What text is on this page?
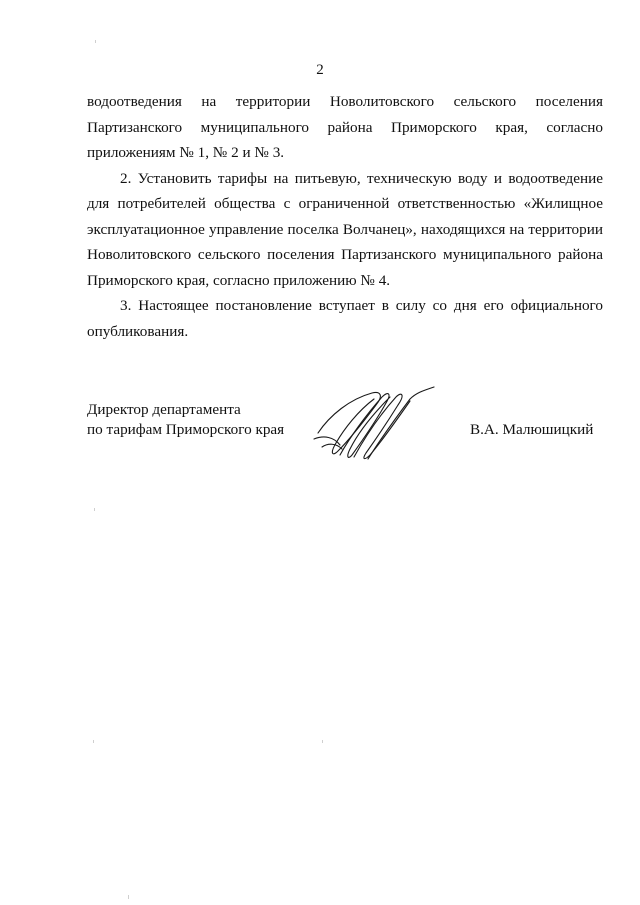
2
водоотведения на территории Новолитовского сельского поселения
Партизанского муниципального района Приморского края, согласно
приложениям № 1, № 2 и № 3.

2. Установить тарифы на питьевую, техническую воду и водоотведение для потребителей общества с ограниченной ответственностью «Жилищное эксплуатационное управление поселка Волчанец», находящихся на территории Новолитовского сельского поселения Партизанского муниципального района Приморского края, согласно приложению № 4.

3. Настоящее постановление вступает в силу со дня его официального опубликования.

Директор департамента
по тарифам Приморского края	В.А. Малюшицкий
